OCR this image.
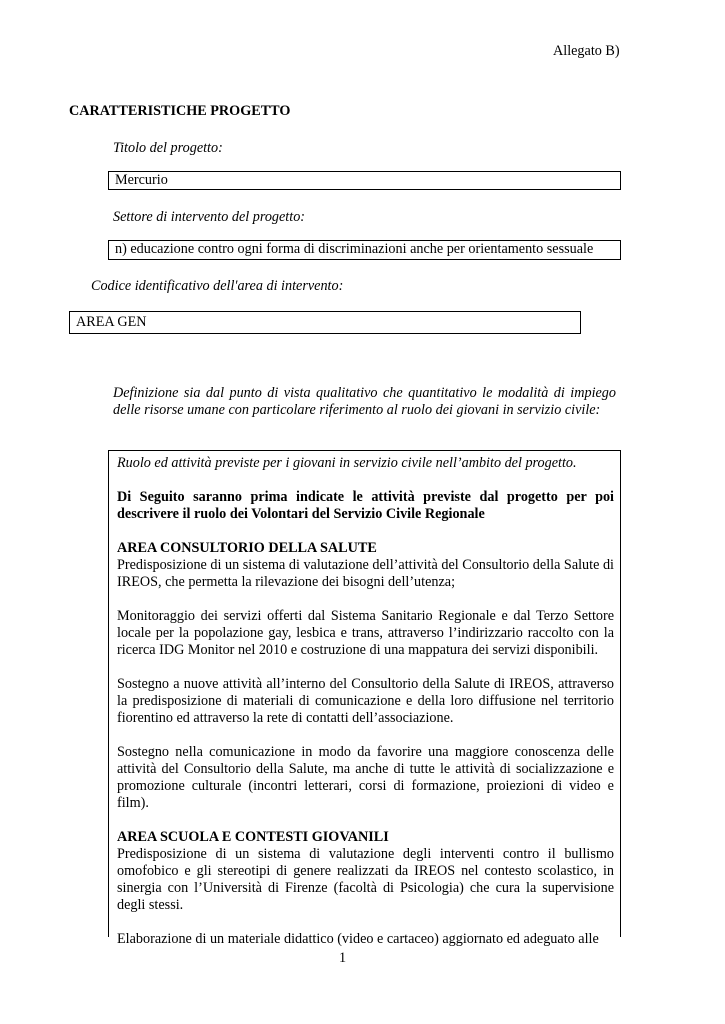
Allegato B)
CARATTERISTICHE PROGETTO
Titolo del progetto:
Mercurio
Settore di intervento del progetto:
n) educazione contro ogni forma di discriminazioni anche per orientamento sessuale
Codice identificativo dell'area di intervento:
AREA GEN
Definizione sia dal punto di vista qualitativo che quantitativo le modalità di impiego delle risorse umane con particolare riferimento al ruolo dei giovani in servizio civile:

Ruolo ed attività previste per i giovani in servizio civile nell’ambito del progetto.

Di Seguito saranno prima indicate le attività previste dal progetto per poi descrivere il ruolo dei Volontari del Servizio Civile Regionale

AREA CONSULTORIO DELLA SALUTE

Predisposizione di un sistema di valutazione dell’attività del Consultorio della Salute di IREOS, che permetta la rilevazione dei bisogni dell’utenza;

Monitoraggio dei servizi offerti dal Sistema Sanitario Regionale e dal Terzo Settore locale per la popolazione gay, lesbica e trans, attraverso l’indirizzario raccolto con la ricerca IDG Monitor nel 2010 e costruzione di una mappatura dei servizi disponibili.

Sostegno a nuove attività all’interno del Consultorio della Salute di IREOS, attraverso la predisposizione di materiali di comunicazione e della loro diffusione nel territorio fiorentino ed attraverso la rete di contatti dell’associazione.

Sostegno nella comunicazione in modo da favorire una maggiore conoscenza delle attività del Consultorio della Salute, ma anche di tutte le attività di socializzazione e promozione culturale (incontri letterari, corsi di formazione, proiezioni di video e film).

AREA SCUOLA E CONTESTI GIOVANILI

Predisposizione di un sistema di valutazione degli interventi contro il bullismo omofobico e gli stereotipi di genere realizzati da IREOS nel contesto scolastico, in sinergia con l’Università di Firenze (facoltà di Psicologia) che cura la supervisione degli stessi.

Elaborazione di un materiale didattico (video e cartaceo) aggiornato ed adeguato alle

1
